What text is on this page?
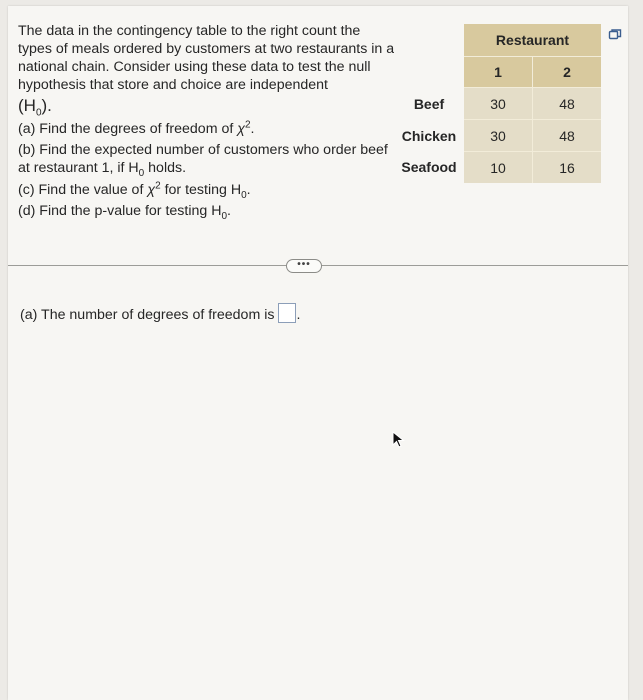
The data in the contingency table to the right count the types of meals ordered by customers at two restaurants in a national chain. Consider using these data to test the null hypothesis that store and choice are independent

$(H_0)$.

(a) Find the degrees of freedom of $\chi^2$.

(b) Find the expected number of customers who order beef at restaurant 1, if $H_0$ holds.

(c) Find the value of $\chi^2$ for testing $H_0$.

(d) Find the p-value for testing $H_0$.

	Restaurant	
	1	2
Beef	30	48
Chicken	30	48
Seafood	10	16
•••
(a) The number of degrees of freedom is .
